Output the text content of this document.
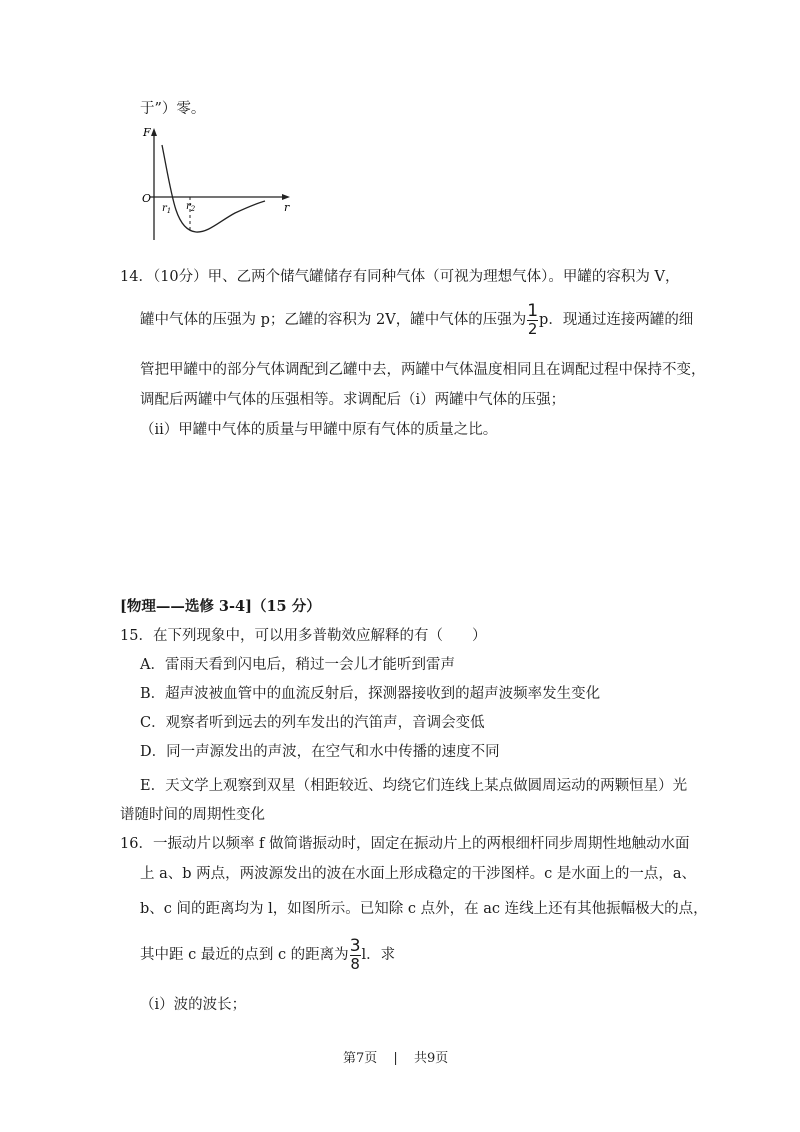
于”）零。
F
r
O
$r_1$ $r_2$
14．（10分）甲、乙两个储气罐储存有同种气体（可视为理想气体）。甲罐的容积为 V，
罐中气体的压强为 p；乙罐的容积为 2V，罐中气体的压强为 $\frac{1}{2}$ p．现通过连接两罐的细
管把甲罐中的部分气体调配到乙罐中去，两罐中气体温度相同且在调配过程中保持不变，
调配后两罐中气体的压强相等。求调配后（i）两罐中气体的压强；
（ii）甲罐中气体的质量与甲罐中原有气体的质量之比。
[物理——选修 3-4]（15 分）
15．在下列现象中，可以用多普勒效应解释的有（　　）
A．雷雨天看到闪电后，稍过一会儿才能听到雷声
B．超声波被血管中的血流反射后，探测器接收到的超声波频率发生变化
C．观察者听到远去的列车发出的汽笛声，音调会变低
D．同一声源发出的声波，在空气和水中传播的速度不同
E．天文学上观察到双星（相距较近、均绕它们连线上某点做圆周运动的两颗恒星）光
谱随时间的周期性变化
16．一振动片以频率 f 做简谐振动时，固定在振动片上的两根细杆同步周期性地触动水面
上 a、b 两点，两波源发出的波在水面上形成稳定的干涉图样。c 是水面上的一点，a、
b、c 间的距离均为 l，如图所示。已知除 c 点外，在 ac 连线上还有其他振幅极大的点，
其中距 c 最近的点到 c 的距离为 $\frac{3}{8}$ l．求
（i）波的波长；
第7页 | 共9页
